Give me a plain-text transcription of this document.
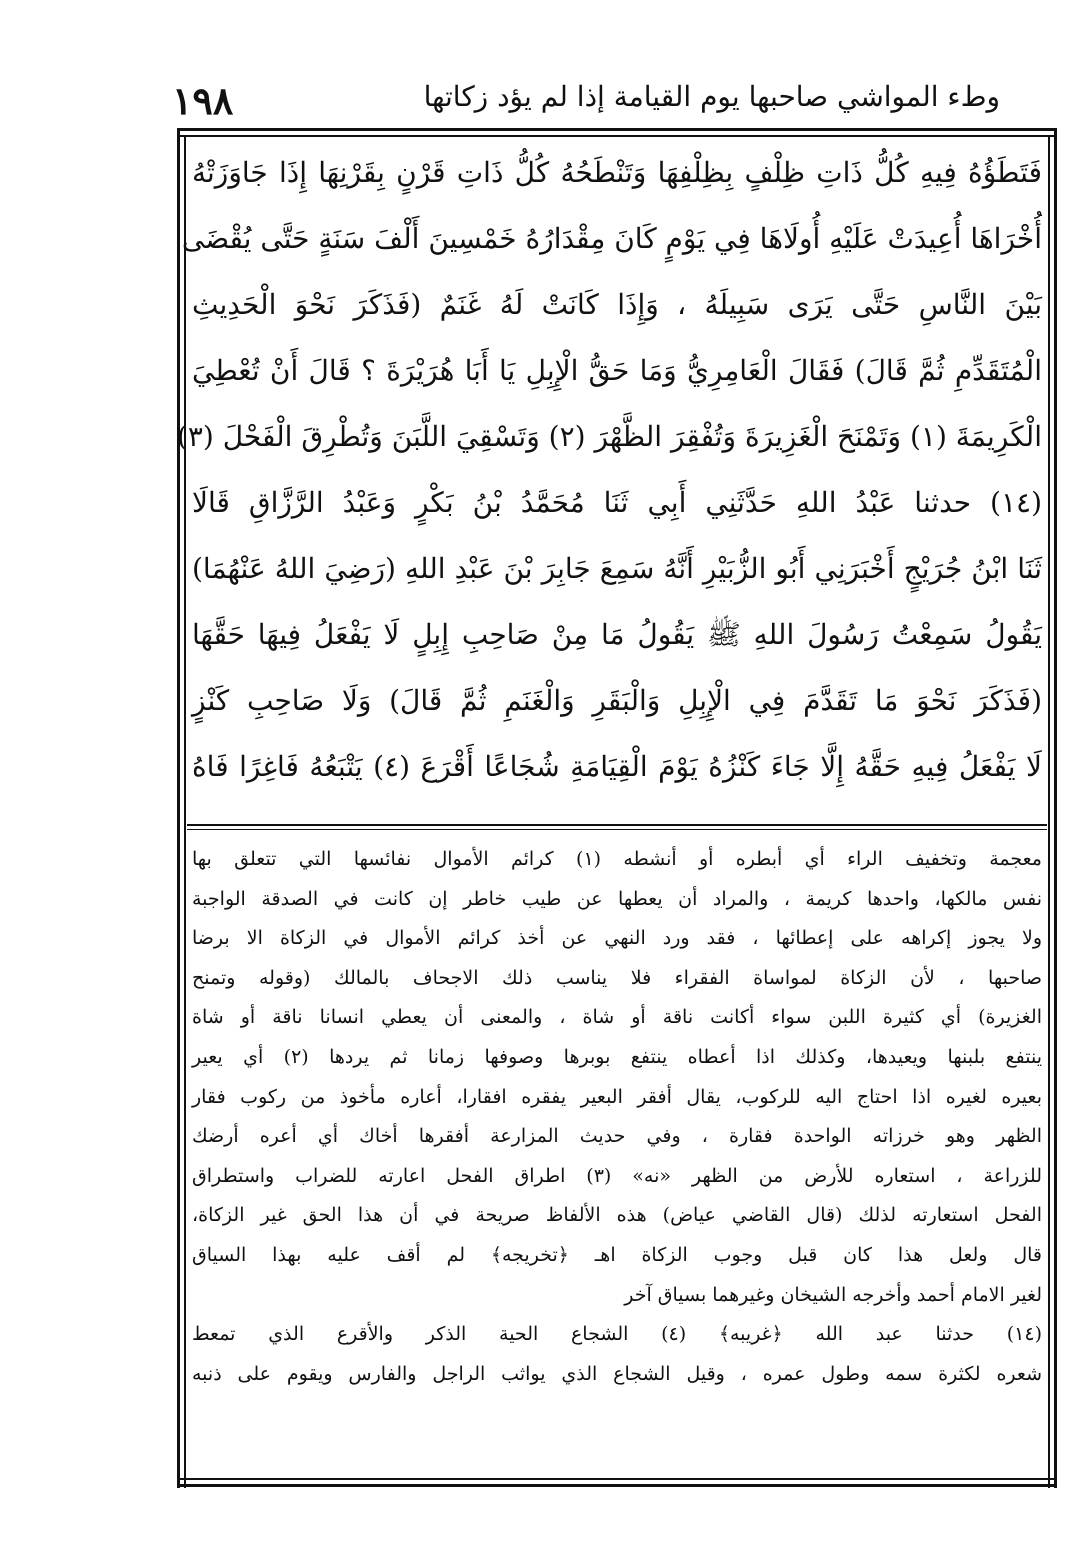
١٩٨	وطء المواشي صاحبها يوم القيامة إذا لم يؤد زكاتها
فَتَطَؤُهُ فِيهِ كُلُّ ذَاتِ ظِلْفٍ بِظِلْفِهَا وَتَنْطَحُهُ كُلُّ ذَاتِ قَرْنٍ بِقَرْنِهَا إِذَا جَاوَزَتْهُ
أُخْرَاهَا أُعِيدَتْ عَلَيْهِ أُولَاهَا فِي يَوْمٍ كَانَ مِقْدَارُهُ خَمْسِينَ أَلْفَ سَنَةٍ حَتَّى يُقْضَى
بَيْنَ النَّاسِ حَتَّى يَرَى سَبِيلَهُ ، وَإِذَا كَانَتْ لَهُ غَنَمٌ (فَذَكَرَ نَحْوَ الْحَدِيثِ
الْمُتَقَدِّمِ ثُمَّ قَالَ) فَقَالَ الْعَامِرِيُّ وَمَا حَقُّ الْإِبِلِ يَا أَبَا هُرَيْرَةَ ؟ قَالَ أَنْ تُعْطِيَ
الْكَرِيمَةَ (١) وَتَمْنَحَ الْغَزِيرَةَ وَتُفْقِرَ الظَّهْرَ (٢) وَتَسْقِيَ اللَّبَنَ وَتُطْرِقَ الْفَحْلَ (٣)
(١٤) حدثنا عَبْدُ اللهِ حَدَّثَنِي أَبِي ثَنَا مُحَمَّدُ بْنُ بَكْرٍ وَعَبْدُ الرَّزَّاقِ قَالَا
ثَنَا ابْنُ جُرَيْجٍ أَخْبَرَنِي أَبُو الزُّبَيْرِ أَنَّهُ سَمِعَ جَابِرَ بْنَ عَبْدِ اللهِ (رَضِيَ اللهُ عَنْهُمَا)
يَقُولُ سَمِعْتُ رَسُولَ اللهِ ﷺ يَقُولُ مَا مِنْ صَاحِبِ إِبِلٍ لَا يَفْعَلُ فِيهَا حَقَّهَا
(فَذَكَرَ نَحْوَ مَا تَقَدَّمَ فِي الْإِبِلِ وَالْبَقَرِ وَالْغَنَمِ ثُمَّ قَالَ) وَلَا صَاحِبِ كَنْزٍ
لَا يَفْعَلُ فِيهِ حَقَّهُ إِلَّا جَاءَ كَنْزُهُ يَوْمَ الْقِيَامَةِ شُجَاعًا أَقْرَعَ (٤) يَتْبَعُهُ فَاغِرًا فَاهُ
معجمة وتخفيف الراء أي أبطره أو أنشطه (١) كرائم الأموال نفائسها التي تتعلق بها
نفس مالكها، واحدها كريمة ، والمراد أن يعطها عن طيب خاطر إن كانت في الصدقة الواجبة
ولا يجوز إكراهه على إعطائها ، فقد ورد النهي عن أخذ كرائم الأموال في الزكاة الا برضا
صاحبها ، لأن الزكاة لمواساة الفقراء فلا يناسب ذلك الاجحاف بالمالك (وقوله وتمنح
الغزيرة) أي كثيرة اللبن سواء أكانت ناقة أو شاة ، والمعنى أن يعطي انسانا ناقة أو شاة
ينتفع بلبنها ويعيدها، وكذلك اذا أعطاه ينتفع بوبرها وصوفها زمانا ثم يردها (٢) أي يعير
بعيره لغيره اذا احتاج اليه للركوب، يقال أفقر البعير يفقره افقارا، أعاره مأخوذ من ركوب فقار
الظهر وهو خرزاته الواحدة فقارة ، وفي حديث المزارعة أفقرها أخاك أي أعره أرضك
للزراعة ، استعاره للأرض من الظهر «نه» (٣) اطراق الفحل اعارته للضراب واستطراق
الفحل استعارته لذلك (قال القاضي عياض) هذه الألفاظ صريحة في أن هذا الحق غير الزكاة،
قال ولعل هذا كان قبل وجوب الزكاة اهـ ﴿تخريجه﴾ لم أقف عليه بهذا السياق
لغير الامام أحمد وأخرجه الشيخان وغيرهما بسياق آخر
(١٤) حدثنا عبد الله ﴿غريبه﴾ (٤) الشجاع الحية الذكر والأقرع الذي تمعط
شعره لكثرة سمه وطول عمره ، وقيل الشجاع الذي يواثب الراجل والفارس ويقوم على ذنبه
